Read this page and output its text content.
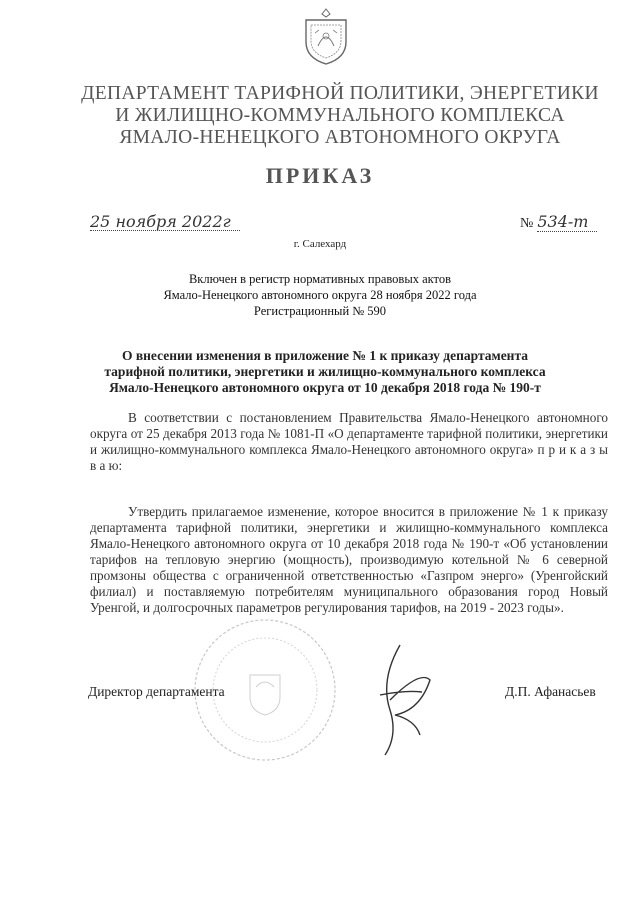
ДЕПАРТАМЕНТ ТАРИФНОЙ ПОЛИТИКИ, ЭНЕРГЕТИКИ
И ЖИЛИЩНО-КОММУНАЛЬНОГО КОМПЛЕКСА
ЯМАЛО-НЕНЕЦКОГО АВТОНОМНОГО ОКРУГА
ПРИКАЗ
25 ноября 2022г	№ 534-т
г. Салехард
Включен в регистр нормативных правовых актов
Ямало-Ненецкого автономного округа 28 ноября 2022 года
Регистрационный № 590
О внесении изменения в приложение № 1 к приказу департамента
тарифной политики, энергетики и жилищно-коммунального комплекса
Ямало-Ненецкого автономного округа от 10 декабря 2018 года № 190-т
В соответствии с постановлением Правительства Ямало-Ненецкого автономного округа от 25 декабря 2013 года № 1081-П «О департаменте тарифной политики, энергетики и жилищно-коммунального комплекса Ямало-Ненецкого автономного округа» п р и к а з ы в а ю:
Утвердить прилагаемое изменение, которое вносится в приложение № 1 к приказу департамента тарифной политики, энергетики и жилищно-коммунального комплекса Ямало-Ненецкого автономного округа от 10 декабря 2018 года № 190-т «Об установлении тарифов на тепловую энергию (мощность), производимую котельной № 6 северной промзоны общества с ограниченной ответственностью «Газпром энерго» (Уренгойский филиал) и поставляемую потребителям муниципального образования город Новый Уренгой, и долгосрочных параметров регулирования тарифов, на 2019 - 2023 годы».
Директор департамента	Д.П. Афанасьев
